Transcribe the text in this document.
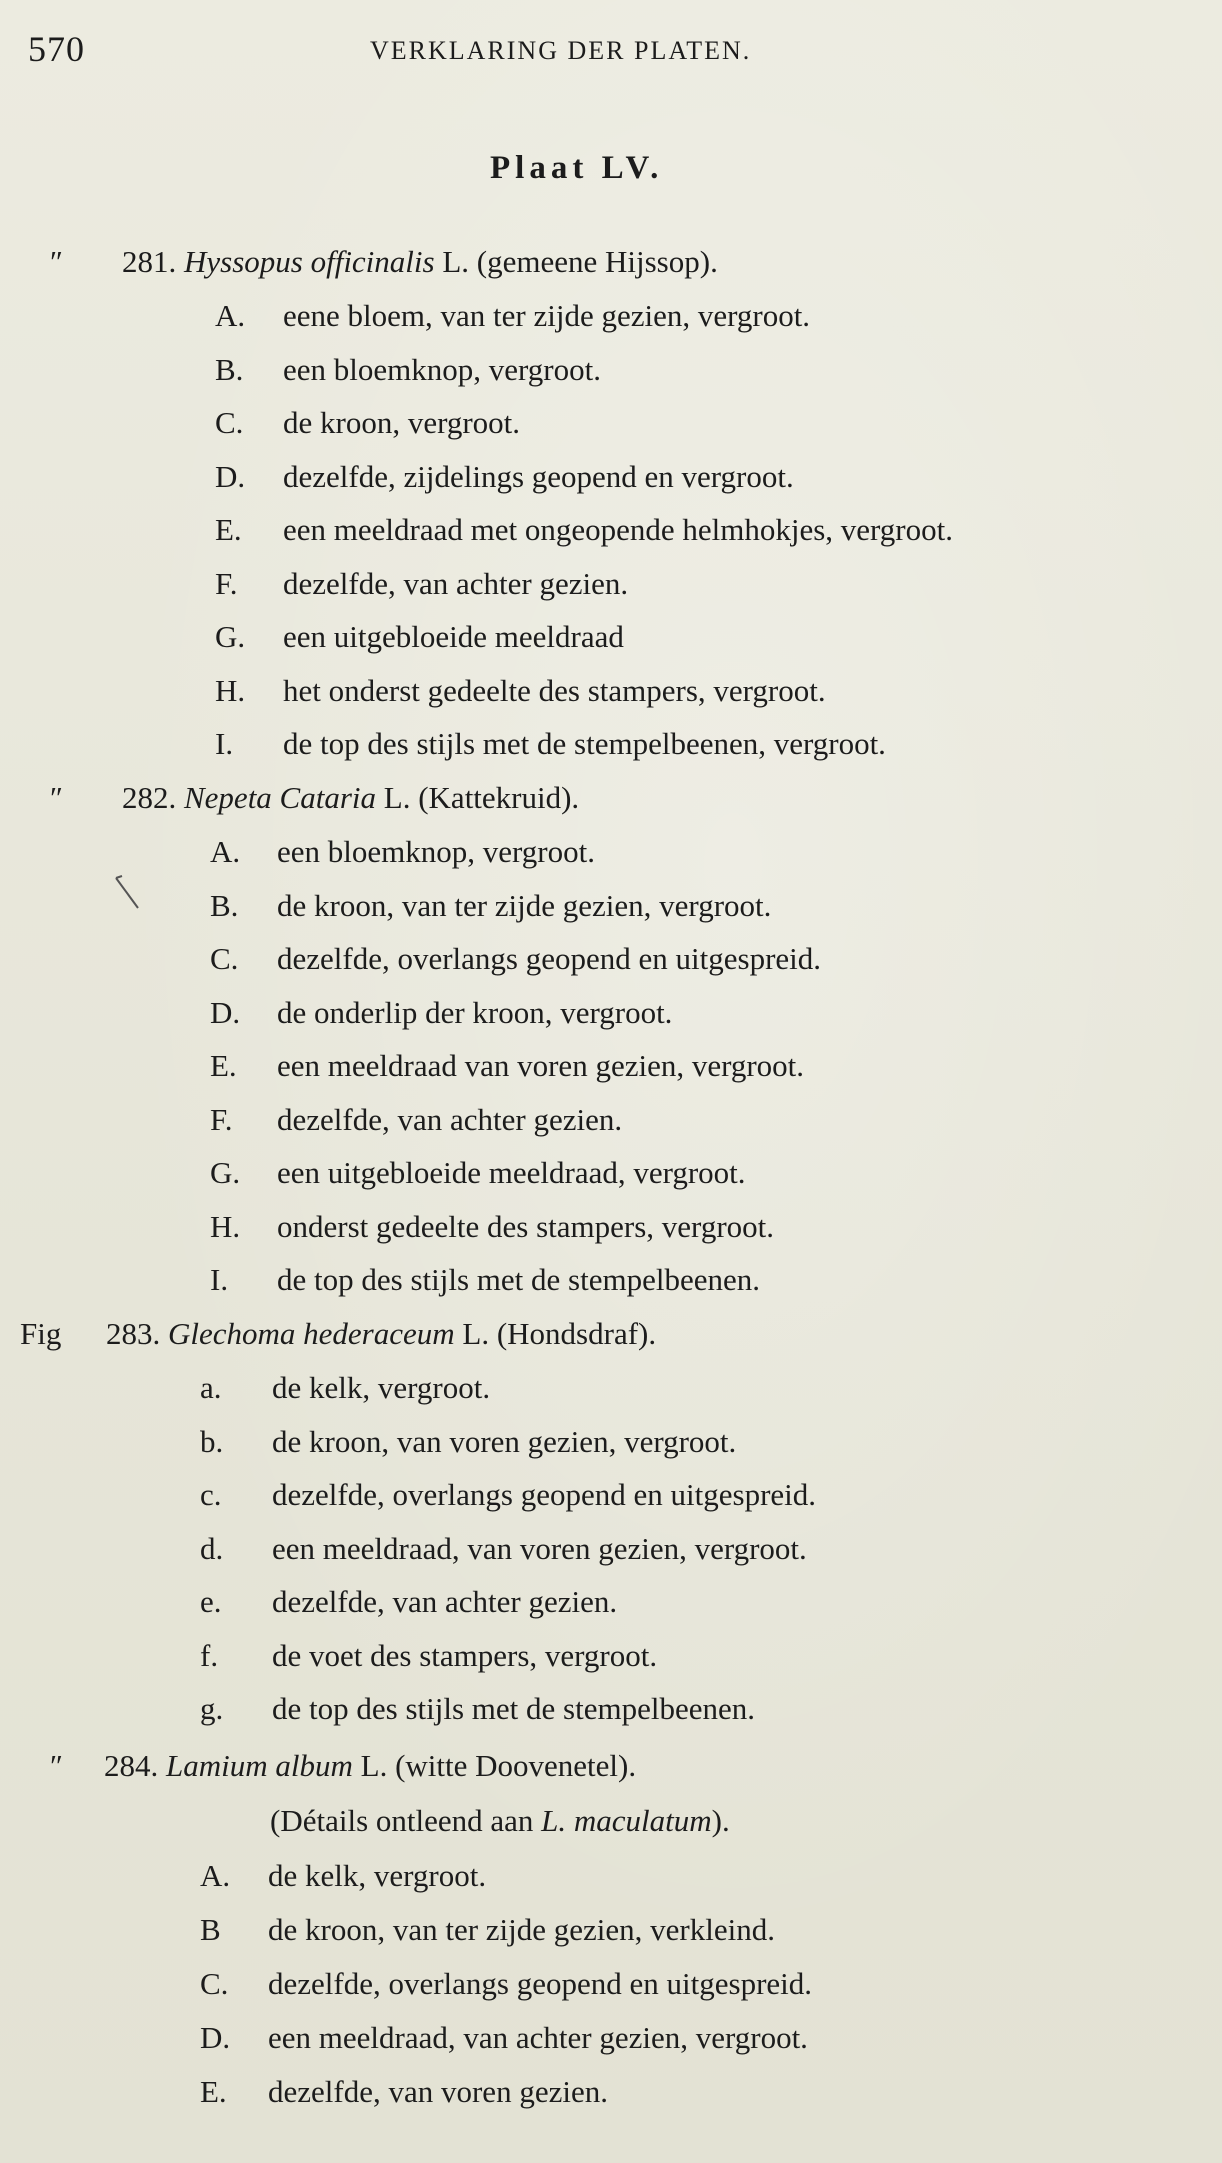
570	VERKLARING DER PLATEN.
Plaat LV.
″ 281. Hyssopus officinalis L. (gemeene Hijssop).
A. eene bloem, van ter zijde gezien, vergroot.
B. een bloemknop, vergroot.
C. de kroon, vergroot.
D. dezelfde, zijdelings geopend en vergroot.
E. een meeldraad met ongeopende helmhokjes, vergroot.
F. dezelfde, van achter gezien.
G. een uitgebloeide meeldraad
H. het onderst gedeelte des stampers, vergroot.
I. de top des stijls met de stempelbeenen, vergroot.
″ 282. Nepeta Cataria L. (Kattekruid).
A. een bloemknop, vergroot.
B. de kroon, van ter zijde gezien, vergroot.
C. dezelfde, overlangs geopend en uitgespreid.
D. de onderlip der kroon, vergroot.
E. een meeldraad van voren gezien, vergroot.
F. dezelfde, van achter gezien.
G. een uitgebloeide meeldraad, vergroot.
H. onderst gedeelte des stampers, vergroot.
I. de top des stijls met de stempelbeenen.
Fig 283. Glechoma hederaceum L. (Hondsdraf).
a. de kelk, vergroot.
b. de kroon, van voren gezien, vergroot.
c. dezelfde, overlangs geopend en uitgespreid.
d. een meeldraad, van voren gezien, vergroot.
e. dezelfde, van achter gezien.
f. de voet des stampers, vergroot.
g. de top des stijls met de stempelbeenen.
″ 284. Lamium album L. (witte Doovenetel).
(Détails ontleend aan L. maculatum).
A. de kelk, vergroot.
B de kroon, van ter zijde gezien, verkleind.
C. dezelfde, overlangs geopend en uitgespreid.
D. een meeldraad, van achter gezien, vergroot.
E. dezelfde, van voren gezien.
